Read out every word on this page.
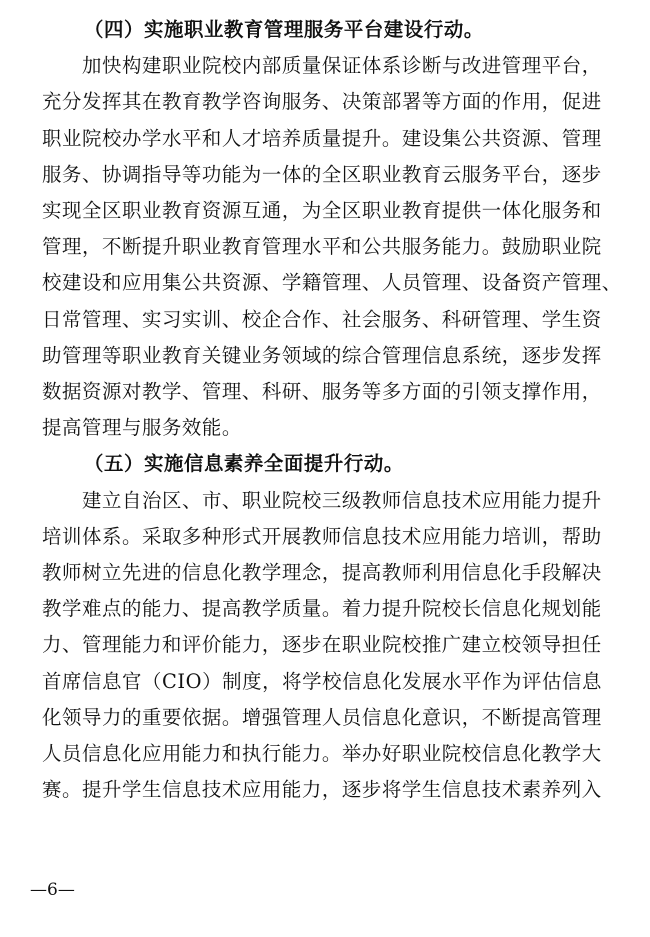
（四）实施职业教育管理服务平台建设行动。

加快构建职业院校内部质量保证体系诊断与改进管理平台，
充分发挥其在教育教学咨询服务、决策部署等方面的作用，促进
职业院校办学水平和人才培养质量提升。建设集公共资源、管理
服务、协调指导等功能为一体的全区职业教育云服务平台，逐步
实现全区职业教育资源互通，为全区职业教育提供一体化服务和
管理，不断提升职业教育管理水平和公共服务能力。鼓励职业院
校建设和应用集公共资源、学籍管理、人员管理、设备资产管理、
日常管理、实习实训、校企合作、社会服务、科研管理、学生资
助管理等职业教育关键业务领域的综合管理信息系统，逐步发挥
数据资源对教学、管理、科研、服务等多方面的引领支撑作用，
提高管理与服务效能。

（五）实施信息素养全面提升行动。

建立自治区、市、职业院校三级教师信息技术应用能力提升
培训体系。采取多种形式开展教师信息技术应用能力培训，帮助
教师树立先进的信息化教学理念，提高教师利用信息化手段解决
教学难点的能力、提高教学质量。着力提升院校长信息化规划能
力、管理能力和评价能力，逐步在职业院校推广建立校领导担任
首席信息官（CIO）制度，将学校信息化发展水平作为评估信息
化领导力的重要依据。增强管理人员信息化意识，不断提高管理
人员信息化应用能力和执行能力。举办好职业院校信息化教学大
赛。提升学生信息技术应用能力，逐步将学生信息技术素养列入
—6—
